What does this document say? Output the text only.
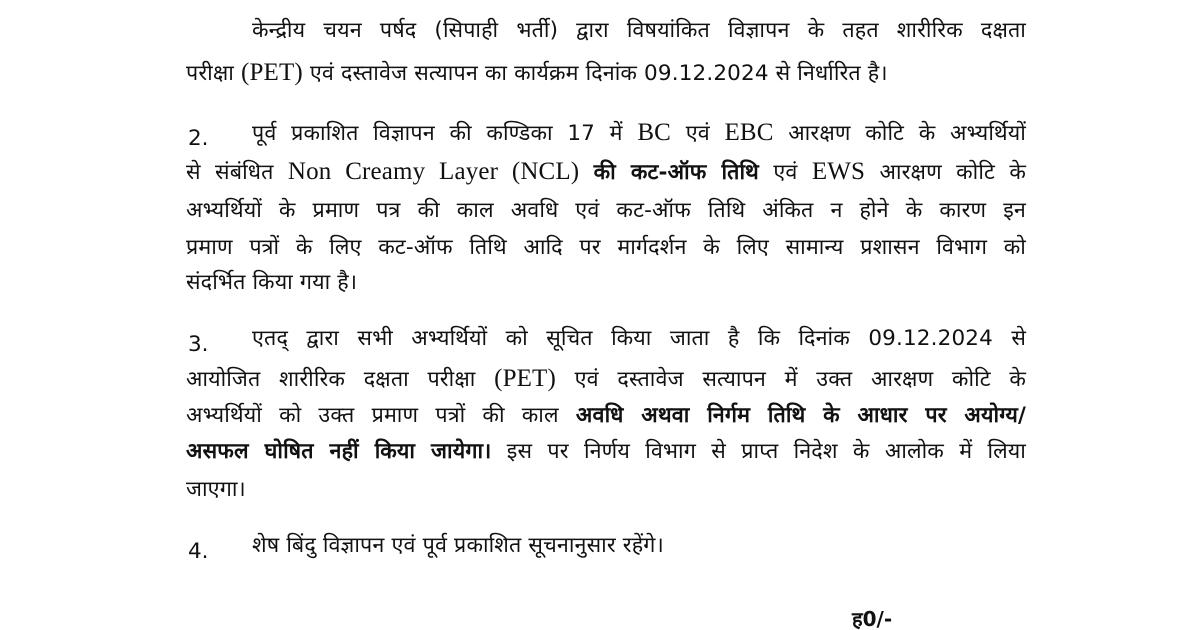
केन्द्रीय चयन पर्षद (सिपाही भर्ती) द्वारा विषयांकित विज्ञापन के तहत शारीरिक दक्षता
परीक्षा (PET) एवं दस्तावेज सत्यापन का कार्यक्रम दिनांक 09.12.2024 से निर्धारित है।
2. पूर्व प्रकाशित विज्ञापन की कण्डिका 17 में BC एवं EBC आरक्षण कोटि के अभ्यर्थियों
से संबंधित Non Creamy Layer (NCL) की कट-ऑफ तिथि एवं EWS आरक्षण कोटि के
अभ्यर्थियों के प्रमाण पत्र की काल अवधि एवं कट-ऑफ तिथि अंकित न होने के कारण इन
प्रमाण पत्रों के लिए कट-ऑफ तिथि आदि पर मार्गदर्शन के लिए सामान्य प्रशासन विभाग को
संदर्भित किया गया है।
3. एतद् द्वारा सभी अभ्यर्थियों को सूचित किया जाता है कि दिनांक 09.12.2024 से
आयोजित शारीरिक दक्षता परीक्षा (PET) एवं दस्तावेज सत्यापन में उक्त आरक्षण कोटि के
अभ्यर्थियों को उक्त प्रमाण पत्रों की काल अवधि अथवा निर्गम तिथि के आधार पर अयोग्य/
असफल घोषित नहीं किया जायेगा। इस पर निर्णय विभाग से प्राप्त निदेश के आलोक में लिया
जाएगा।
4. शेष बिंदु विज्ञापन एवं पूर्व प्रकाशित सूचनानुसार रहेंगे।
ह0/-
